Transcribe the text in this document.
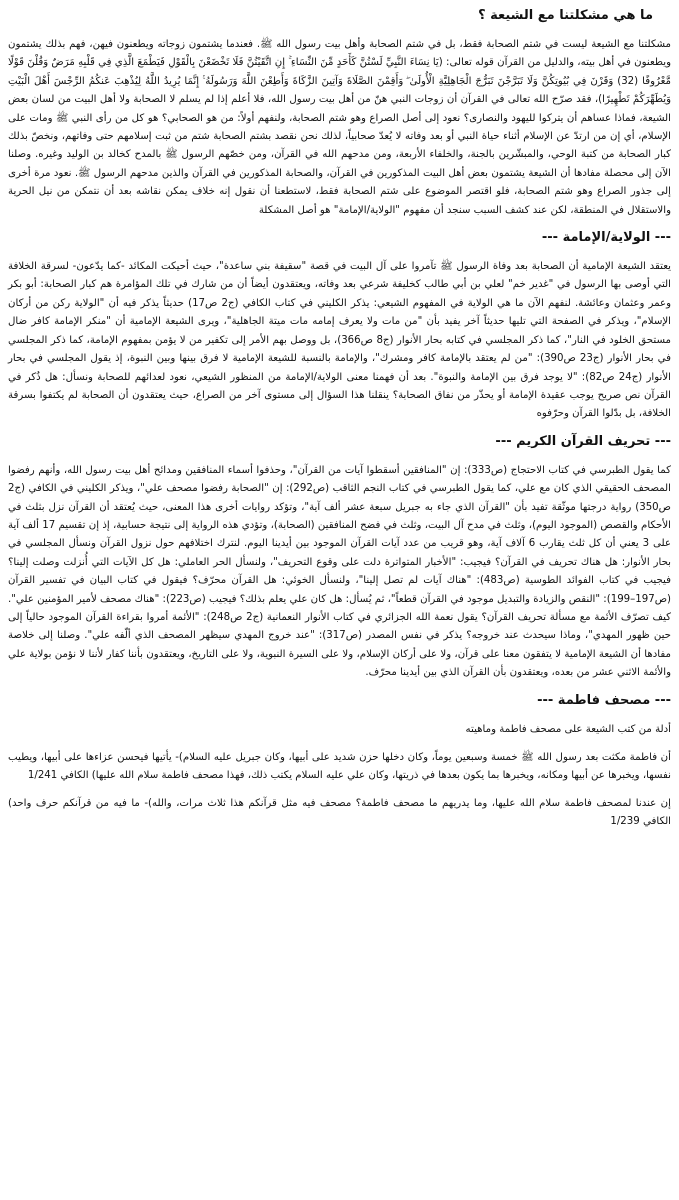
ما هي مشكلتنا مع الشيعة ؟

مشكلتنا مع الشيعة ليست في شتم الصحابة فقط، بل في شتم الصحابة وأهل بيت رسول الله ﷺ. فعندما يشتمون زوجاته ويطعنون فيهن، فهم بذلك يشتمون ويطعنون في أهل بيته، والدليل من القرآن قوله تعالى: (يَا نِسَاءَ النَّبِيِّ لَسْتُنَّ كَأَحَدٍ مِّنَ النِّسَاءِ ۚ إِنِ اتَّقَيْتُنَّ فَلَا تَخْضَعْنَ بِالْقَوْلِ فَيَطْمَعَ الَّذِي فِي قَلْبِهِ مَرَضٌ وَقُلْنَ قَوْلًا مَّعْرُوفًا (32) وَقَرْنَ فِي بُيُوتِكُنَّ وَلَا تَبَرَّجْنَ تَبَرُّجَ الْجَاهِلِيَّةِ الْأُولَىٰ ۖ وَأَقِمْنَ الصَّلَاةَ وَآتِينَ الزَّكَاةَ وَأَطِعْنَ اللَّهَ وَرَسُولَهُ ۚ إِنَّمَا يُرِيدُ اللَّهُ لِيُذْهِبَ عَنكُمُ الرِّجْسَ أَهْلَ الْبَيْتِ وَيُطَهِّرَكُمْ تَطْهِيرًا)، فقد صرّح الله تعالى في القرآن أن زوجات النبي هنّ من أهل بيت رسول الله، فلا أعلم إذا لم يسلم لا الصحابة ولا أهل البيت من لسان بعض الشيعة، فماذا عساهم أن يتركوا لليهود والنصارى؟ نعود إلى أصل الصراع وهو شتم الصحابة، ولنفهم أولاً: من هو الصحابي؟ هو كل من رأى النبي ﷺ ومات على الإسلام، أي إن من ارتدّ عن الإسلام أثناء حياة النبي أو بعد وفاته لا يُعدّ صحابياً، لذلك نحن نقصد بشتم الصحابة شتم من ثبت إسلامهم حتى وفاتهم، ونخصّ بذلك كبار الصحابة من كتبة الوحي، والمبشّرين بالجنة، والخلفاء الأربعة، ومن مدحهم الله في القرآن، ومن خصّهم الرسول ﷺ بالمدح كخالد بن الوليد وغيره. وصلنا الآن إلى محصلة مفادها أن الشيعة يشتمون بعض أهل البيت المذكورين في القرآن، والصحابة المذكورين في القرآن والذين مدحهم الرسول ﷺ. نعود مرة أخرى إلى جذور الصراع وهو شتم الصحابة، فلو اقتصر الموضوع على شتم الصحابة فقط، لاستطعنا أن نقول إنه خلاف يمكن نقاشه بعد أن نتمكن من نيل الحرية والاستقلال في المنطقة، لكن عند كشف السبب سنجد أن مفهوم "الولاية/الإمامة" هو أصل المشكلة

--- الولاية/الإمامة ---

يعتقد الشيعة الإمامية أن الصحابة بعد وفاة الرسول ﷺ تآمروا على آل البيت في قصة "سقيفة بني ساعدة"، حيث أحيكت المكائد -كما يدّعون- لسرقة الخلافة التي أوصى بها الرسول في "غدير خم" لعلي بن أبي طالب كخليفة شرعي بعد وفاته، ويعتقدون أيضاً أن من شارك في تلك المؤامرة هم كبار الصحابة: أبو بكر وعمر وعثمان وعائشة. لنفهم الآن ما هي الولاية في المفهوم الشيعي: يذكر الكليني في كتاب الكافي (ج2 ص17) حديثاً يذكر فيه أن "الولاية ركن من أركان الإسلام"، ويذكر في الصفحة التي تليها حديثاً آخر يفيد بأن "من مات ولا يعرف إمامه مات ميتة الجاهلية"، ويرى الشيعة الإمامية أن "منكر الإمامة كافر ضال مستحق الخلود في النار"، كما ذكر المجلسي في كتابه بحار الأنوار (ج8 ص366)، بل ووصل بهم الأمر إلى تكفير من لا يؤمن بمفهوم الإمامة، كما ذكر المجلسي في بحار الأنوار (ج23 ص390): "من لم يعتقد بالإمامة كافر ومشرك"، والإمامة بالنسبة للشيعة الإمامية لا فرق بينها وبين النبوة، إذ يقول المجلسي في بحار الأنوار (ج24 ص82): "لا يوجد فرق بين الإمامة والنبوة". بعد أن فهمنا معنى الولاية/الإمامة من المنظور الشيعي، نعود لعدائهم للصحابة ونسأل: هل ذُكر في القرآن نص صريح يوجب عقيدة الإمامة أو يحذّر من نفاق الصحابة؟ ينقلنا هذا السؤال إلى مستوى آخر من الصراع، حيث يعتقدون أن الصحابة لم يكتفوا بسرقة الخلافة، بل بدّلوا القرآن وحرّفوه

--- تحريف القرآن الكريم ---

كما يقول الطبرسي في كتاب الاحتجاج (ص333): إن "المنافقين أسقطوا آيات من القرآن"، وحذفوا أسماء المنافقين ومدائح أهل بيت رسول الله، وأنهم رفضوا المصحف الحقيقي الذي كان مع علي، كما يقول الطبرسي في كتاب النجم الثاقب (ص292): إن "الصحابة رفضوا مصحف علي"، ويذكر الكليني في الكافي (ج2 ص350) رواية درجتها موثّقة تفيد بأن "القرآن الذي جاء به جبريل سبعة عشر ألف آية"، وتؤكد روايات أخرى هذا المعنى، حيث يُعتقد أن القرآن نزل بثلث في الأحكام والقصص (الموجود اليوم)، وثلث في مدح آل البيت، وثلث في فضح المنافقين (الصحابة)، وتؤدي هذه الرواية إلى نتيجة حسابية، إذ إن تقسيم 17 ألف آية على 3 يعني أن كل ثلث يقارب 6 آلاف آية، وهو قريب من عدد آيات القرآن الموجود بين أيدينا اليوم. لنترك اختلافهم حول نزول القرآن ونسأل المجلسي في بحار الأنوار: هل هناك تحريف في القرآن؟ فيجيب: "الأخبار المتواترة دلت على وقوع التحريف"، ولنسأل الحر العاملي: هل كل الآيات التي أُنزلت وصلت إلينا؟ فيجيب في كتاب الفوائد الطوسية (ص483): "هناك آيات لم تصل إلينا"، ولنسأل الخوئي: هل القرآن محرّف؟ فيقول في كتاب البيان في تفسير القرآن (ص197–199): "النقص والزيادة والتبديل موجود في القرآن قطعاً"، ثم يُسأل: هل كان علي يعلم بذلك؟ فيجيب (ص223): "هناك مصحف لأمير المؤمنين علي". كيف تصرّف الأئمة مع مسألة تحريف القرآن؟ يقول نعمة الله الجزائري في كتاب الأنوار النعمانية (ج2 ص248): "الأئمة أمروا بقراءة القرآن الموجود حالياً إلى حين ظهور المهدي"، وماذا سيحدث عند خروجه؟ يذكر في نفس المصدر (ص317): "عند خروج المهدي سيظهر المصحف الذي ألّفه علي". وصلنا إلى خلاصة مفادها أن الشيعة الإمامية لا يتفقون معنا على قرآن، ولا على أركان الإسلام، ولا على السيرة النبوية، ولا على التاريخ، ويعتقدون بأننا كفار لأننا لا نؤمن بولاية علي والأئمة الاثني عشر من بعده، ويعتقدون بأن القرآن الذي بين أيدينا محرّف.

--- مصحف فاطمة ---

أدلة من كتب الشيعة على مصحف فاطمة وماهيته

أن فاطمة مكثت بعد رسول الله ﷺ خمسة وسبعين يوماً، وكان دخلها حزن شديد على أبيها، وكان جبريل عليه السلام)- يأتيها فيحسن عزاءها على أبيها، ويطيب نفسها، ويخبرها عن أبيها ومكانه، ويخبرها بما يكون بعدها في ذريتها، وكان علي عليه السلام يكتب ذلك، فهذا مصحف فاطمة سلام الله عليها) الكافي 1/241

إن عندنا لمصحف فاطمة سلام الله عليها، وما يدريهم ما مصحف فاطمة؟ مصحف فيه مثل قرآنكم هذا ثلاث مرات، والله)- ما فيه من قرآنكم حرف واحد) الكافي 1/239
